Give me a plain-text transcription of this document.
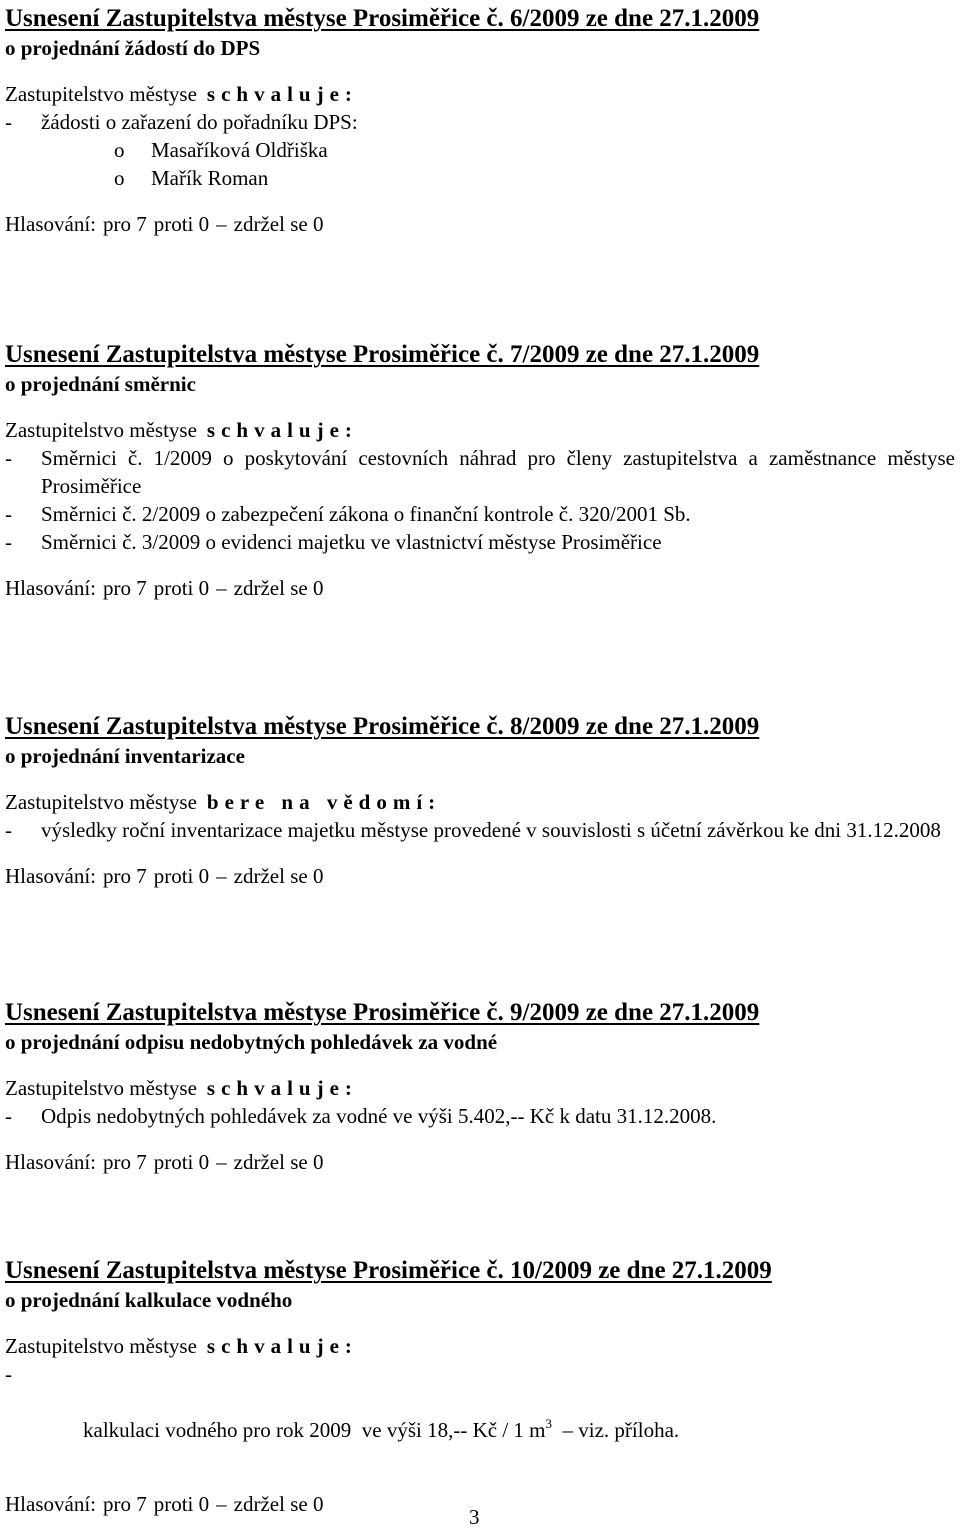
Usnesení Zastupitelstva městyse Prosiměřice č. 6/2009 ze dne 27.1.2009
o projednání žádostí do DPS
Zastupitelstvo městyse schvaluje:
- žádosti o zařazení do pořadníku DPS:
o Masaříková Oldřiška
o Mařík Roman
Hlasování: pro 7 proti 0 – zdržel se 0
Usnesení Zastupitelstva městyse Prosiměřice č. 7/2009 ze dne 27.1.2009
o projednání směrnic
Zastupitelstvo městyse schvaluje:
- Směrnici č. 1/2009 o poskytování cestovních náhrad pro členy zastupitelstva a zaměstnance městyse Prosiměřice
- Směrnici č. 2/2009 o zabezpečení zákona o finanční kontrole č. 320/2001 Sb.
- Směrnici č. 3/2009 o evidenci majetku ve vlastnictví městyse Prosiměřice
Hlasování: pro 7 proti 0 – zdržel se 0
Usnesení Zastupitelstva městyse Prosiměřice č. 8/2009 ze dne 27.1.2009
o projednání inventarizace
Zastupitelstvo městyse bere na vědomí:
- výsledky roční inventarizace majetku městyse provedené v souvislosti s účetní závěrkou ke dni 31.12.2008
Hlasování: pro 7 proti 0 – zdržel se 0
Usnesení Zastupitelstva městyse Prosiměřice č. 9/2009 ze dne 27.1.2009
o projednání odpisu nedobytných pohledávek za vodné
Zastupitelstvo městyse schvaluje:
- Odpis nedobytných pohledávek za vodné ve výši 5.402,-- Kč k datu 31.12.2008.
Hlasování: pro 7 proti 0 – zdržel se 0
Usnesení Zastupitelstva městyse Prosiměřice č. 10/2009 ze dne 27.1.2009
o projednání kalkulace vodného
Zastupitelstvo městyse schvaluje:

-

kalkulaci vodného pro rok 2009  ve výši 18,-- Kč / 1 $m^3$  – viz. příloha.

Hlasování: pro 7 proti 0 – zdržel se 0
3
